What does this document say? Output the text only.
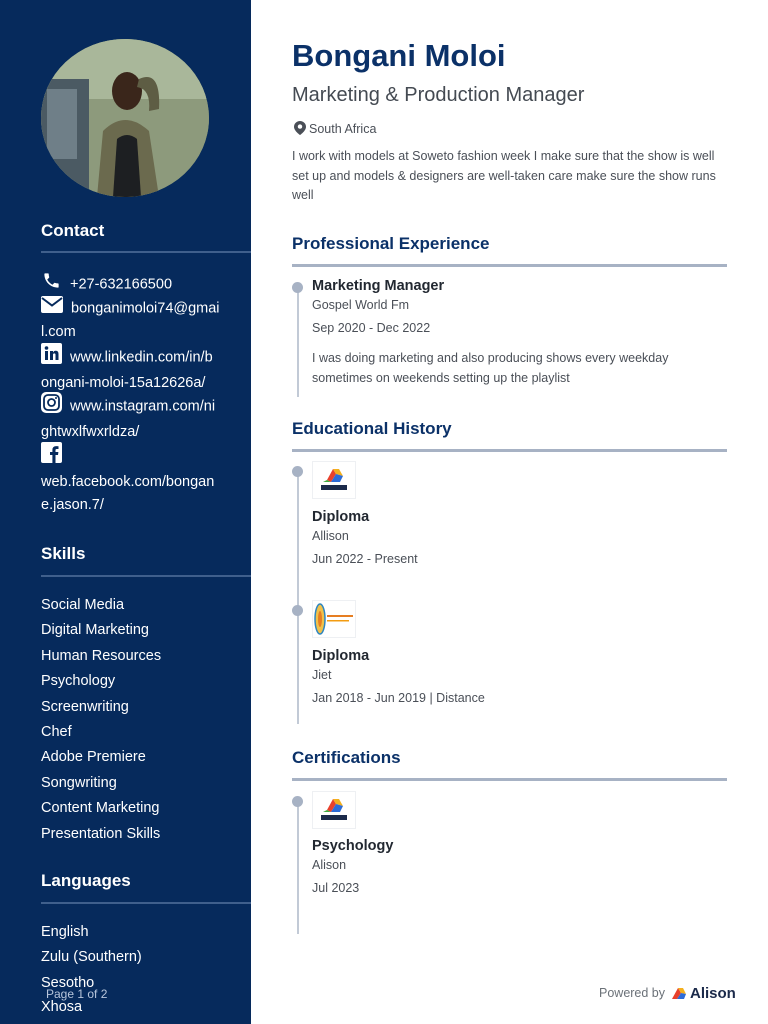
Contact
+27-632166500
bonganimoloi74@gmai
l.com
www.linkedin.com/in/b
ongani-moloi-15a12626a/
www.instagram.com/ni
ghtwxlfwxrldza/

web.facebook.com/bongan
e.jason.7/
Skills
Social Media
Digital Marketing
Human Resources
Psychology
Screenwriting
Chef
Adobe Premiere
Songwriting
Content Marketing
Presentation Skills
Languages
English
Zulu (Southern)
Sesotho
Xhosa
Page 1 of 2
Bongani Moloi
Marketing & Production Manager
South Africa
I work with models at Soweto fashion week I make sure that the show is well set up and models & designers are well-taken care make sure the show runs well
Professional Experience
Marketing Manager
Gospel World Fm
Sep 2020 - Dec 2022
I was doing marketing and also producing shows every weekday sometimes on weekends setting up the playlist
Educational History
Diploma
Allison
Jun 2022 - Present
Diploma
Jiet
Jan 2018 - Jun 2019 | Distance
Certifications
Psychology
Alison
Jul 2023
Powered by	Alison
